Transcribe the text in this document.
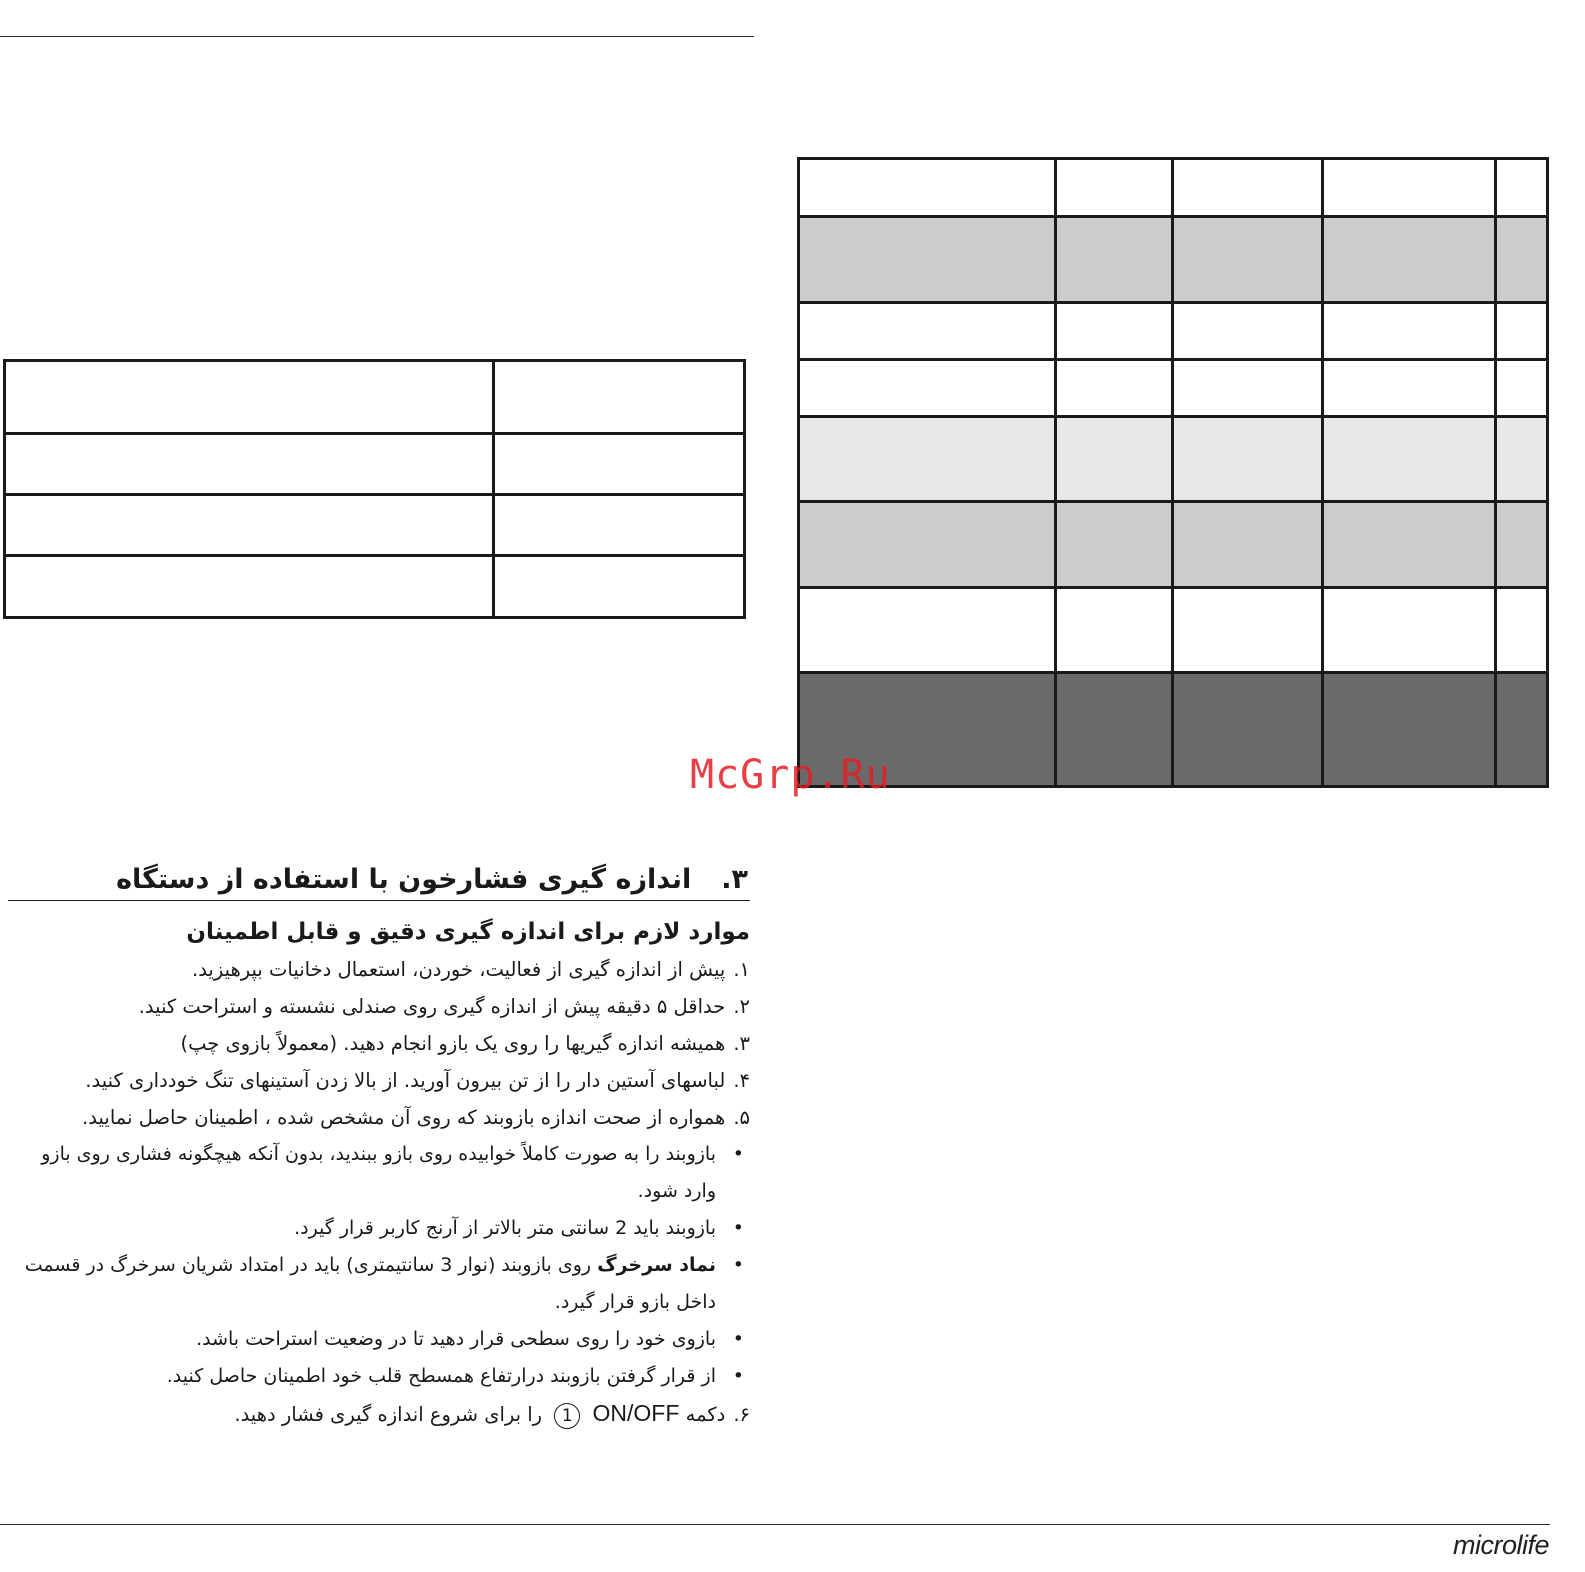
McGrp.Ru
۳.اندازه گیری فشارخون با استفاده از دستگاه
موارد لازم برای اندازه گیری دقیق و قابل اطمینان
۱.پیش از اندازه گیری از فعالیت، خوردن، استعمال دخانیات بپرهیزید.
۲.حداقل ۵ دقیقه پیش از اندازه گیری روی صندلی نشسته و استراحت کنید.
۳.همیشه اندازه گیریها را روی یک بازو انجام دهید. (معمولاً بازوی چپ)
۴.لباسهای آستین دار را از تن بیرون آورید. از بالا زدن آستینهای تنگ خودداری کنید.
۵.همواره از صحت اندازه بازوبند که روی آن مشخص شده ، اطمینان حاصل نمایید.
•
بازوبند را به صورت کاملاً خوابیده روی بازو ببندید، بدون آنکه هیچگونه فشاری روی بازو وارد شود.
•
بازوبند باید 2 سانتی متر بالاتر از آرنج کاربر قرار گیرد.
•
نماد سرخرگ روی بازوبند (نوار 3 سانتیمتری) باید در امتداد شریان سرخرگ در قسمت داخل بازو قرار گیرد.
•
بازوی خود را روی سطحی قرار دهید تا در وضعیت استراحت باشد.
•
از قرار گرفتن بازوبند درارتفاع همسطح قلب خود اطمینان حاصل کنید.
۶.دکمه ON/OFF 1 را برای شروع اندازه گیری فشار دهید.
microlife
